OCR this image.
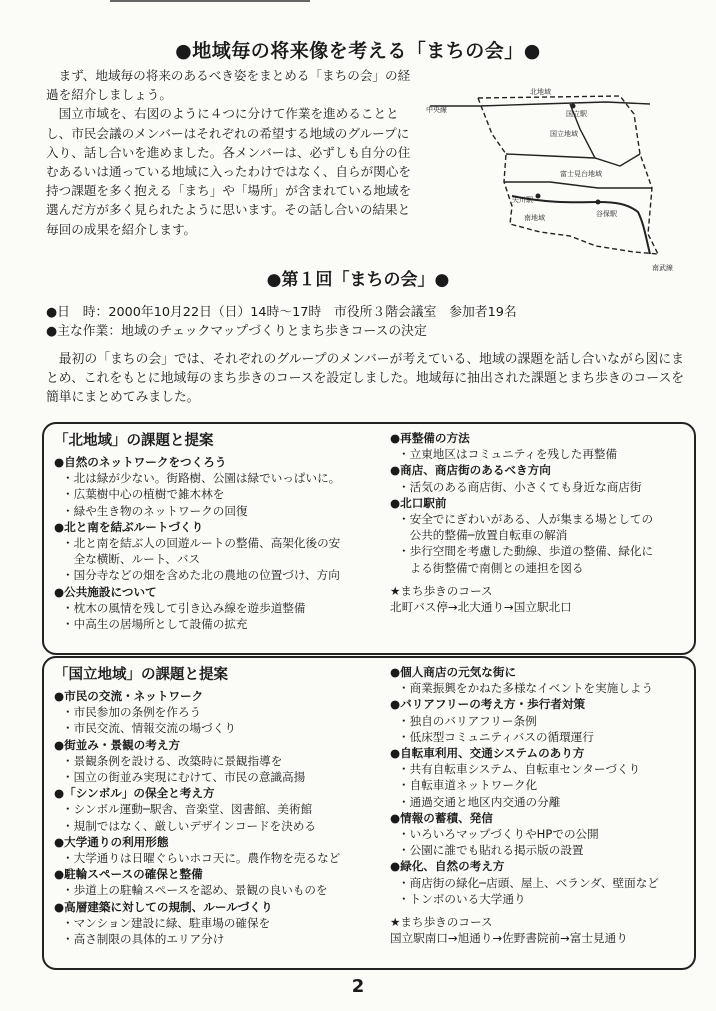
●地域毎の将来像を考える「まちの会」●

まず、地域毎の将来のあるべき姿をまとめる「まちの会」の経過を紹介しましょう。

国立市域を、右図のように４つに分けて作業を進めることとし、市民会議のメンバーはそれぞれの希望する地域のグループに入り、話し合いを進めました。各メンバーは、必ずしも自分の住むあるいは通っている地域に入ったわけではなく、自らが関心を持つ課題を多く抱える「まち」や「場所」が含まれている地域を選んだ方が多く見られたように思います。その話し合いの結果と毎回の成果を紹介します。

北地域
中央線	国立駅
国立地域
富士見台地域
矢川駅
南地域	谷保駅
南武線
●第１回「まちの会」●
●日　時：2000年10月22日（日）14時〜17時　市役所３階会議室　参加者19名
●主な作業：地域のチェックマップづくりとまち歩きコースの決定

最初の「まちの会」では、それぞれのグループのメンバーが考えている、地域の課題を話し合いながら図にまとめ、これをもとに地域毎のまち歩きのコースを設定しました。地域毎に抽出された課題とまち歩きのコースを簡単にまとめてみました。

「北地域」の課題と提案
●自然のネットワークをつくろう
・北は緑が少ない。街路樹、公園は緑でいっぱいに。
・広葉樹中心の植樹で雑木林を
・緑や生き物のネットワークの回復
●北と南を結ぶルートづくり
・北と南を結ぶ人の回遊ルートの整備、高架化後の安
　全な横断、ルート、バス
・国分寺などの畑を含めた北の農地の位置づけ、方向
●公共施設について
・枕木の風情を残して引き込み線を遊歩道整備
・中高生の居場所として設備の拡充
●再整備の方法
・立東地区はコミュニティを残した再整備
●商店、商店街のあるべき方向
・活気のある商店街、小さくても身近な商店街
●北口駅前
・安全でにぎわいがある、人が集まる場としての
　公共的整備─放置自転車の解消
・歩行空間を考慮した動線、歩道の整備、緑化に
　よる街整備で南側との連担を図る
★まち歩きのコース
北町バス停→北大通り→国立駅北口
「国立地域」の課題と提案
●市民の交流・ネットワーク
・市民参加の条例を作ろう
・市民交流、情報交流の場づくり
●街並み・景観の考え方
・景観条例を設ける、改築時に景観指導を
・国立の街並み実現にむけて、市民の意識高揚
●「シンボル」の保全と考え方
・シンボル運動─駅舎、音楽堂、図書館、美術館
・規制ではなく、厳しいデザインコードを決める
●大学通りの利用形態
・大学通りは日曜ぐらいホコ天に。農作物を売るなど
●駐輪スペースの確保と整備
・歩道上の駐輪スペースを認め、景観の良いものを
●高層建築に対しての規制、ルールづくり
・マンション建設に緑、駐車場の確保を
・高さ制限の具体的エリア分け
●個人商店の元気な街に
・商業振興をかねた多様なイベントを実施しよう
●バリアフリーの考え方・歩行者対策
・独自のバリアフリー条例
・低床型コミュニティバスの循環運行
●自転車利用、交通システムのあり方
・共有自転車システム、自転車センターづくり
・自転車道ネットワーク化
・通過交通と地区内交通の分離
●情報の蓄積、発信
・いろいろマップづくりやHPでの公開
・公園に誰でも貼れる掲示版の設置
●緑化、自然の考え方
・商店街の緑化─店頭、屋上、ベランダ、壁面など
・トンボのいる大学通り
★まち歩きのコース
国立駅南口→旭通り→佐野書院前→富士見通り
2
